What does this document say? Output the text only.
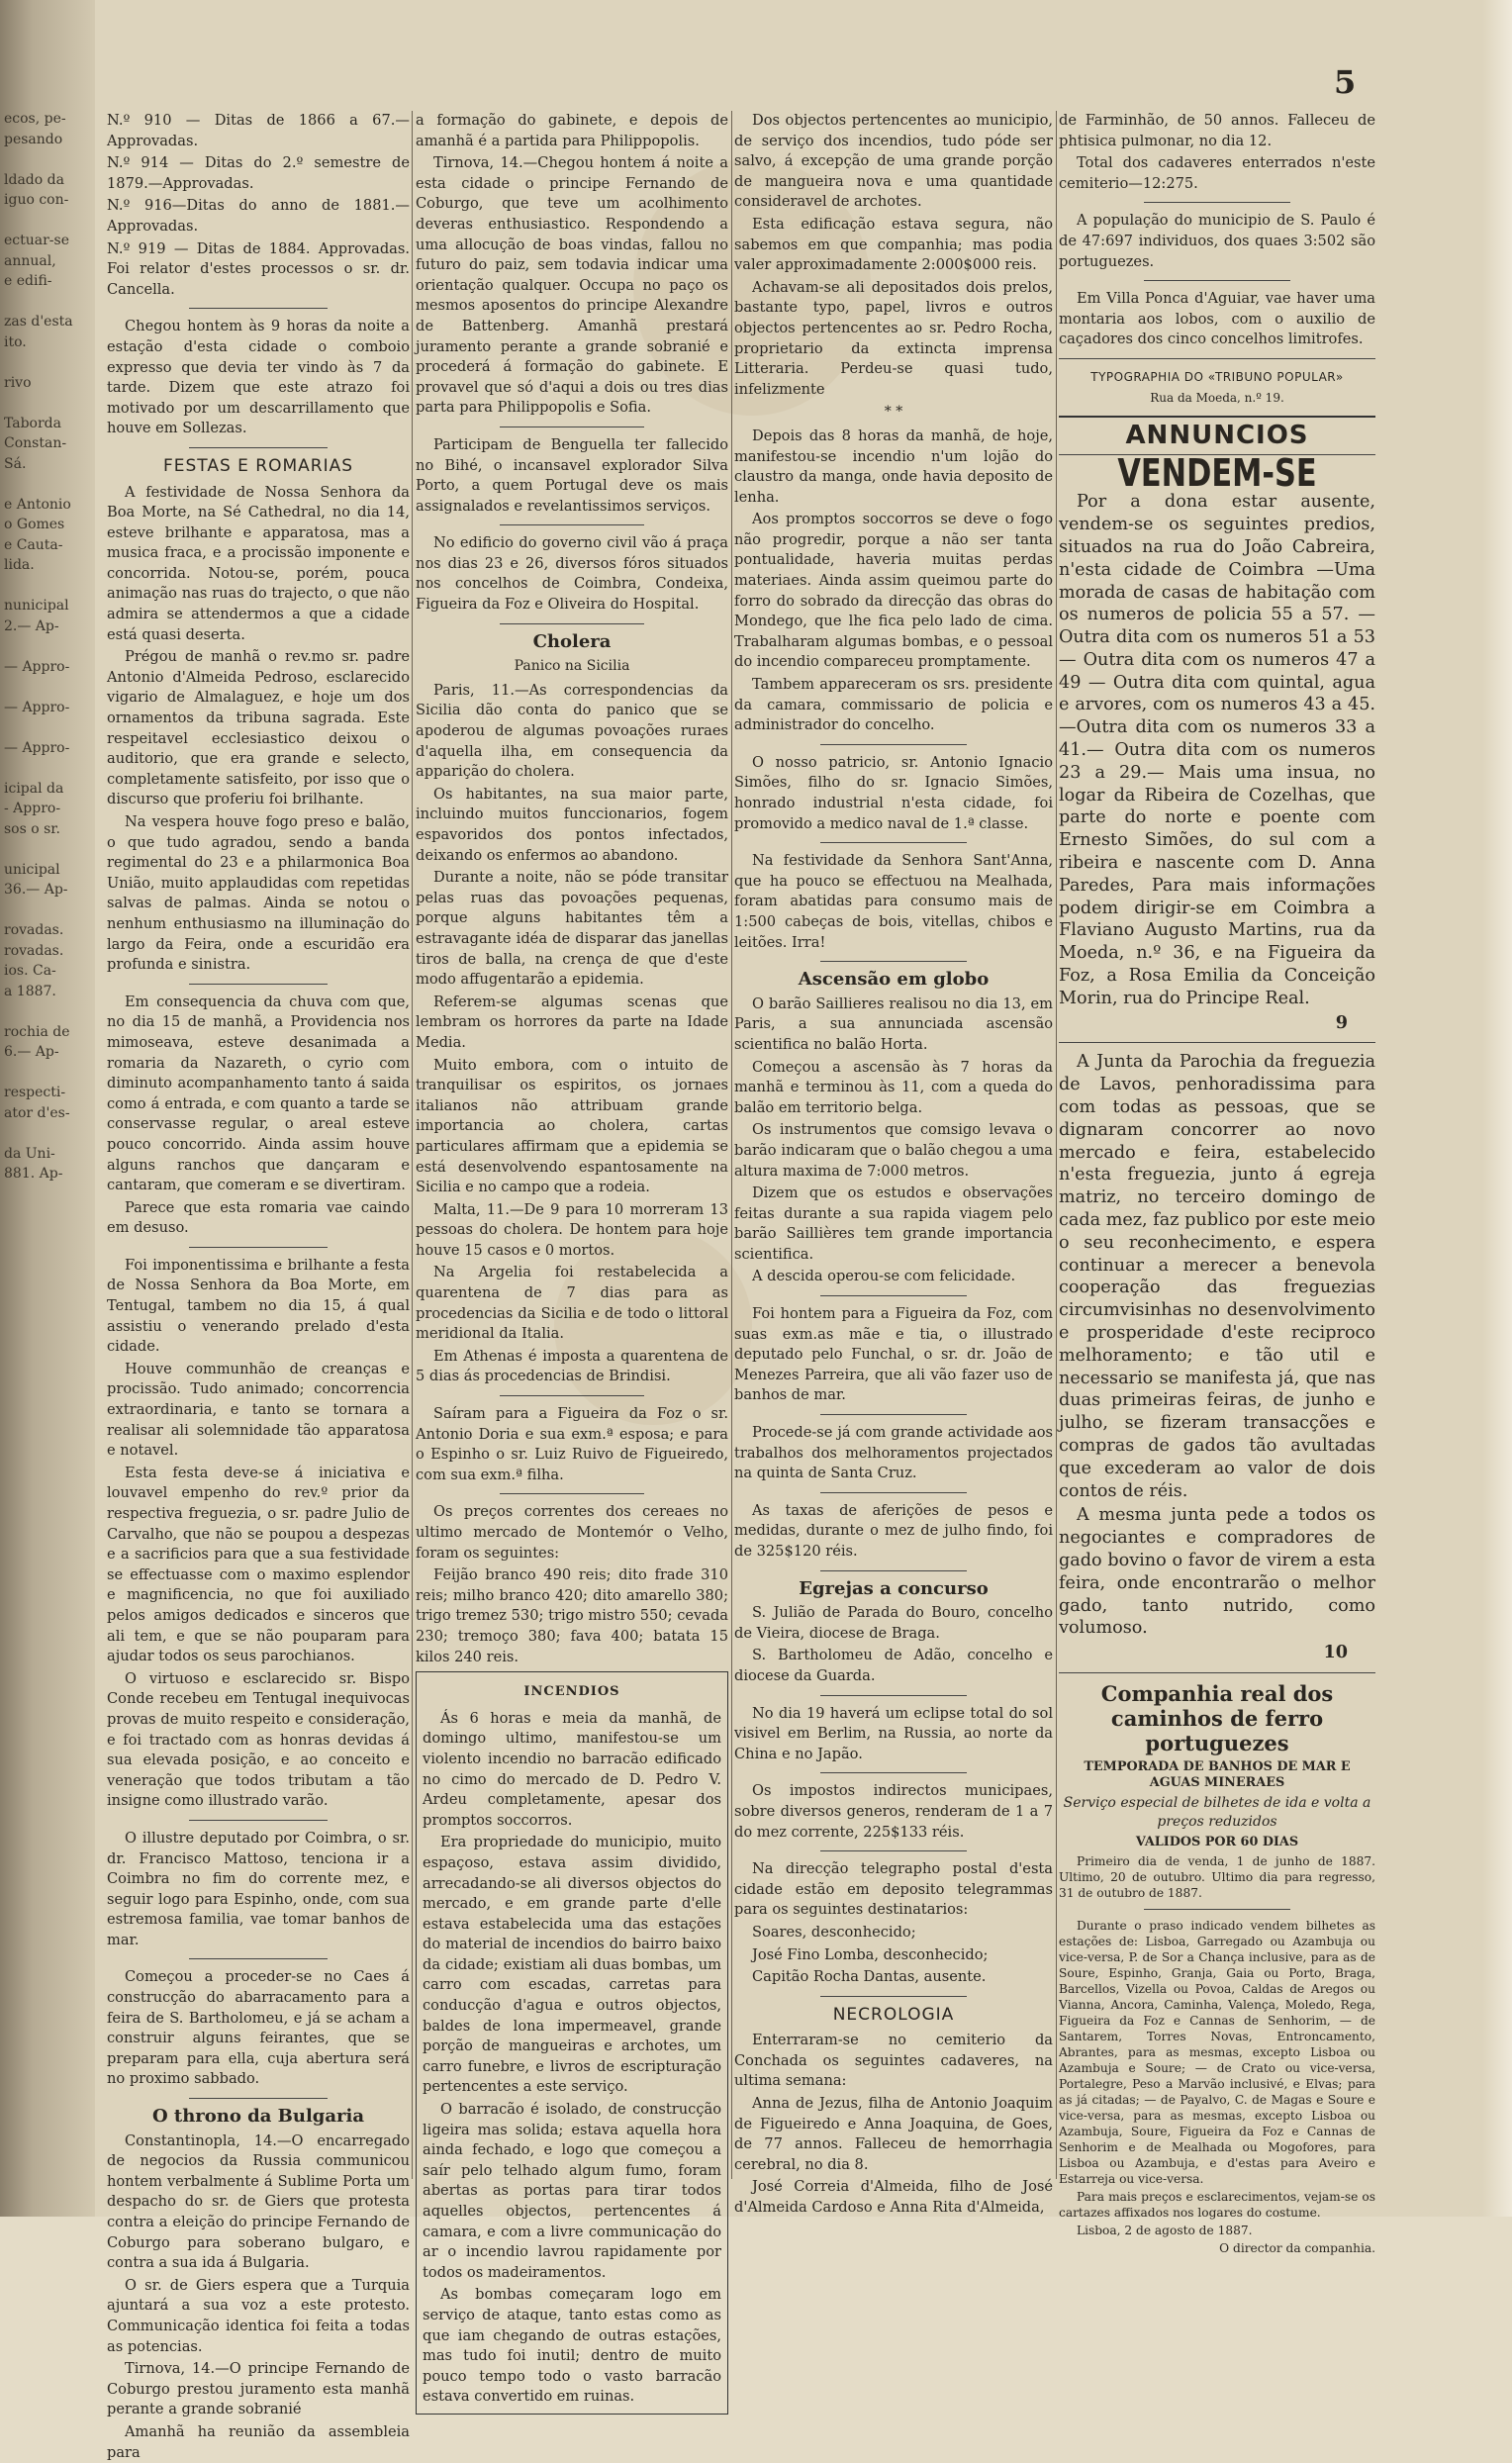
ecos, pe-
pesando

ldado da
iguo con-

ectuar-se
annual,
e edifi-

zas d'esta
ito.

rivo

Taborda
Constan-
Sá.

e Antonio
o Gomes
e Cauta-
lida.

nunicipal
2.— Ap-

— Appro-

— Appro-

— Appro-

icipal da
- Appro-
sos o sr.

unicipal
36.— Ap-

rovadas.
rovadas.
ios. Ca-
a 1887.

rochia de
6.— Ap-

respecti-
ator d'es-

da Uni-
881. Ap-
5

N.º 910 — Ditas de 1866 a 67.—Approvadas.

N.º 914 — Ditas do 2.º semestre de 1879.—Approvadas.

N.º 916—Ditas do anno de 1881.— Approvadas.

N.º 919 — Ditas de 1884. Approvadas. Foi relator d'estes processos o sr. dr. Cancella.

Chegou hontem às 9 horas da noite a estação d'esta cidade o comboio expresso que devia ter vindo às 7 da tarde. Dizem que este atrazo foi motivado por um descarrillamento que houve em Sollezas.

FESTAS E ROMARIAS

A festividade de Nossa Senhora da Boa Morte, na Sé Cathedral, no dia 14, esteve brilhante e apparatosa, mas a musica fraca, e a procissão imponente e concorrida. Notou-se, porém, pouca animação nas ruas do trajecto, o que não admira se attendermos a que a cidade está quasi deserta.

Prégou de manhã o rev.mo sr. padre Antonio d'Almeida Pedroso, esclarecido vigario de Almalaguez, e hoje um dos ornamentos da tribuna sagrada. Este respeitavel ecclesiastico deixou o auditorio, que era grande e selecto, completamente satisfeito, por isso que o discurso que proferiu foi brilhante.

Na vespera houve fogo preso e balão, o que tudo agradou, sendo a banda regimental do 23 e a philarmonica Boa União, muito applaudidas com repetidas salvas de palmas. Ainda se notou o nenhum enthusiasmo na illuminação do largo da Feira, onde a escuridão era profunda e sinistra.

Em consequencia da chuva com que, no dia 15 de manhã, a Providencia nos mimoseava, esteve desanimada a romaria da Nazareth, o cyrio com diminuto acompanhamento tanto á saida como á entrada, e com quanto a tarde se conservasse regular, o areal esteve pouco concorrido. Ainda assim houve alguns ranchos que dançaram e cantaram, que comeram e se divertiram.

Parece que esta romaria vae caindo em desuso.

Foi imponentissima e brilhante a festa de Nossa Senhora da Boa Morte, em Tentugal, tambem no dia 15, á qual assistiu o venerando prelado d'esta cidade.

Houve communhão de creanças e procissão. Tudo animado; concorrencia extraordinaria, e tanto se tornara a realisar ali solemnidade tão apparatosa e notavel.

Esta festa deve-se á iniciativa e louvavel empenho do rev.º prior da respectiva freguezia, o sr. padre Julio de Carvalho, que não se poupou a despezas e a sacrificios para que a sua festividade se effectuasse com o maximo esplendor e magnificencia, no que foi auxiliado pelos amigos dedicados e sinceros que ali tem, e que se não pouparam para ajudar todos os seus parochianos.

O virtuoso e esclarecido sr. Bispo Conde recebeu em Tentugal inequivocas provas de muito respeito e consideração, e foi tractado com as honras devidas á sua elevada posição, e ao conceito e veneração que todos tributam a tão insigne como illustrado varão.

O illustre deputado por Coimbra, o sr. dr. Francisco Mattoso, tenciona ir a Coimbra no fim do corrente mez, e seguir logo para Espinho, onde, com sua estremosa familia, vae tomar banhos de mar.

Começou a proceder-se no Caes á construcção do abarracamento para a feira de S. Bartholomeu, e já se acham a construir alguns feirantes, que se preparam para ella, cuja abertura será no proximo sabbado.

O throno da Bulgaria

Constantinopla, 14.—O encarregado de negocios da Russia communicou hontem verbalmente á Sublime Porta um despacho do sr. de Giers que protesta contra a eleição do principe Fernando de Coburgo para soberano bulgaro, e contra a sua ida á Bulgaria.

O sr. de Giers espera que a Turquia ajuntará a sua voz a este protesto. Communicação identica foi feita a todas as potencias.

Tirnova, 14.—O principe Fernando de Coburgo prestou juramento esta manhã perante a grande sobranié

Amanhã ha reunião da assembleia para

a formação do gabinete, e depois de amanhã é a partida para Philippopolis.

Tirnova, 14.—Chegou hontem á noite a esta cidade o principe Fernando de Coburgo, que teve um acolhimento deveras enthusiastico. Respondendo a uma allocução de boas vindas, fallou no futuro do paiz, sem todavia indicar uma orientação qualquer. Occupa no paço os mesmos aposentos do principe Alexandre de Battenberg. Amanhã prestará juramento perante a grande sobranié e procederá á formação do gabinete. E provavel que só d'aqui a dois ou tres dias parta para Philippopolis e Sofia.

Participam de Benguella ter fallecido no Bihé, o incansavel explorador Silva Porto, a quem Portugal deve os mais assignalados e revelantissimos serviços.

No edificio do governo civil vão á praça nos dias 23 e 26, diversos fóros situados nos concelhos de Coimbra, Condeixa, Figueira da Foz e Oliveira do Hospital.

Cholera
Panico na Sicilia

Paris, 11.—As correspondencias da Sicilia dão conta do panico que se apoderou de algumas povoações ruraes d'aquella ilha, em consequencia da apparição do cholera.

Os habitantes, na sua maior parte, incluindo muitos funccionarios, fogem espavoridos dos pontos infectados, deixando os enfermos ao abandono.

Durante a noite, não se póde transitar pelas ruas das povoações pequenas, porque alguns habitantes têm a estravagante idéa de disparar das janellas tiros de balla, na crença de que d'este modo affugentarão a epidemia.

Referem-se algumas scenas que lembram os horrores da parte na Idade Media.

Muito embora, com o intuito de tranquilisar os espiritos, os jornaes italianos não attribuam grande importancia ao cholera, cartas particulares affirmam que a epidemia se está desenvolvendo espantosamente na Sicilia e no campo que a rodeia.

Malta, 11.—De 9 para 10 morreram 13 pessoas do cholera. De hontem para hoje houve 15 casos e 0 mortos.

Na Argelia foi restabelecida a quarentena de 7 dias para as procedencias da Sicilia e de todo o littoral meridional da Italia.

Em Athenas é imposta a quarentena de 5 dias ás procedencias de Brindisi.

Saíram para a Figueira da Foz o sr. Antonio Doria e sua exm.ª esposa; e para o Espinho o sr. Luiz Ruivo de Figueiredo, com sua exm.ª filha.

Os preços correntes dos cereaes no ultimo mercado de Montemór o Velho, foram os seguintes:

Feijão branco 490 reis; dito frade 310 reis; milho branco 420; dito amarello 380; trigo tremez 530; trigo mistro 550; cevada 230; tremoço 380; fava 400; batata 15 kilos 240 reis.

INCENDIOS

Ás 6 horas e meia da manhã, de domingo ultimo, manifestou-se um violento incendio no barracão edificado no cimo do mercado de D. Pedro V. Ardeu completamente, apesar dos promptos soccorros.

Era propriedade do municipio, muito espaçoso, estava assim dividido, arrecadando-se ali diversos objectos do mercado, e em grande parte d'elle estava estabelecida uma das estações do material de incendios do bairro baixo da cidade; existiam ali duas bombas, um carro com escadas, carretas para conducção d'agua e outros objectos, baldes de lona impermeavel, grande porção de mangueiras e archotes, um carro funebre, e livros de escripturação pertencentes a este serviço.

O barracão é isolado, de construcção ligeira mas solida; estava aquella hora ainda fechado, e logo que começou a saír pelo telhado algum fumo, foram abertas as portas para tirar todos aquelles objectos, pertencentes á camara, e com a livre communicação do ar o incendio lavrou rapidamente por todos os madeiramentos.

As bombas começaram logo em serviço de ataque, tanto estas como as que iam chegando de outras estações, mas tudo foi inutil; dentro de muito pouco tempo todo o vasto barracão estava convertido em ruinas.

Dos objectos pertencentes ao municipio, de serviço dos incendios, tudo póde ser salvo, á excepção de uma grande porção de mangueira nova e uma quantidade consideravel de archotes.

Esta edificação estava segura, não sabemos em que companhia; mas podia valer approximadamente 2:000$000 reis.

Achavam-se ali depositados dois prelos, bastante typo, papel, livros e outros objectos pertencentes ao sr. Pedro Rocha, proprietario da extincta imprensa Litteraria. Perdeu-se quasi tudo, infelizmente

* *

Depois das 8 horas da manhã, de hoje, manifestou-se incendio n'um lojão do claustro da manga, onde havia deposito de lenha.

Aos promptos soccorros se deve o fogo não progredir, porque a não ser tanta pontualidade, haveria muitas perdas materiaes. Ainda assim queimou parte do forro do sobrado da direcção das obras do Mondego, que lhe fica pelo lado de cima. Trabalharam algumas bombas, e o pessoal do incendio compareceu promptamente.

Tambem appareceram os srs. presidente da camara, commissario de policia e administrador do concelho.

O nosso patricio, sr. Antonio Ignacio Simões, filho do sr. Ignacio Simões, honrado industrial n'esta cidade, foi promovido a medico naval de 1.ª classe.

Na festividade da Senhora Sant'Anna, que ha pouco se effectuou na Mealhada, foram abatidas para consumo mais de 1:500 cabeças de bois, vitellas, chibos e leitões. Irra!

Ascensão em globo

O barão Saillieres realisou no dia 13, em Paris, a sua annunciada ascensão scientifica no balão Horta.

Começou a ascensão às 7 horas da manhã e terminou às 11, com a queda do balão em territorio belga.

Os instrumentos que comsigo levava o barão indicaram que o balão chegou a uma altura maxima de 7:000 metros.

Dizem que os estudos e observações feitas durante a sua rapida viagem pelo barão Saillières tem grande importancia scientifica.

A descida operou-se com felicidade.

Foi hontem para a Figueira da Foz, com suas exm.as mãe e tia, o illustrado deputado pelo Funchal, o sr. dr. João de Menezes Parreira, que ali vão fazer uso de banhos de mar.

Procede-se já com grande actividade aos trabalhos dos melhoramentos projectados na quinta de Santa Cruz.

As taxas de aferições de pesos e medidas, durante o mez de julho findo, foi de 325$120 réis.

Egrejas a concurso

S. Julião de Parada do Bouro, concelho de Vieira, diocese de Braga.

S. Bartholomeu de Adão, concelho e diocese da Guarda.

No dia 19 haverá um eclipse total do sol visivel em Berlim, na Russia, ao norte da China e no Japão.

Os impostos indirectos municipaes, sobre diversos generos, renderam de 1 a 7 do mez corrente, 225$133 réis.

Na direcção telegrapho postal d'esta cidade estão em deposito telegrammas para os seguintes destinatarios:

Soares, desconhecido;

José Fino Lomba, desconhecido;

Capitão Rocha Dantas, ausente.

NECROLOGIA

Enterraram-se no cemiterio da Conchada os seguintes cadaveres, na ultima semana:

Anna de Jezus, filha de Antonio Joaquim de Figueiredo e Anna Joaquina, de Goes, de 77 annos. Falleceu de hemorrhagia cerebral, no dia 8.

José Correia d'Almeida, filho de José d'Almeida Cardoso e Anna Rita d'Almeida,

de Farminhão, de 50 annos. Falleceu de phtisica pulmonar, no dia 12.

Total dos cadaveres enterrados n'este cemiterio—12:275.

A população do municipio de S. Paulo é de 47:697 individuos, dos quaes 3:502 são portuguezes.

Em Villa Ponca d'Aguiar, vae haver uma montaria aos lobos, com o auxilio de caçadores dos cinco concelhos limitrofes.

TYPOGRAPHIA DO «TRIBUNO POPULAR»
Rua da Moeda, n.º 19.
ANNUNCIOS
VENDEM-SE

Por a dona estar ausente, vendem-se os seguintes predios, situados na rua do João Cabreira, n'esta cidade de Coimbra —Uma morada de casas de habitação com os numeros de policia 55 a 57. — Outra dita com os numeros 51 a 53 — Outra dita com os numeros 47 a 49 — Outra dita com quintal, agua e arvores, com os numeros 43 a 45.—Outra dita com os numeros 33 a 41.— Outra dita com os numeros 23 a 29.— Mais uma insua, no logar da Ribeira de Cozelhas, que parte do norte e poente com Ernesto Simões, do sul com a ribeira e nascente com D. Anna Paredes, Para mais informações podem dirigir-se em Coimbra a Flaviano Augusto Martins, rua da Moeda, n.º 36, e na Figueira da Foz, a Rosa Emilia da Conceição Morin, rua do Principe Real.

9

A Junta da Parochia da freguezia de Lavos, penhoradissima para com todas as pessoas, que se dignaram concorrer ao novo mercado e feira, estabelecido n'esta freguezia, junto á egreja matriz, no terceiro domingo de cada mez, faz publico por este meio o seu reconhecimento, e espera continuar a merecer a benevola cooperação das freguezias circumvisinhas no desenvolvimento e prosperidade d'este reciproco melhoramento; e tão util e necessario se manifesta já, que nas duas primeiras feiras, de junho e julho, se fizeram transacções e compras de gados tão avultadas que excederam ao valor de dois contos de réis.

A mesma junta pede a todos os negociantes e compradores de gado bovino o favor de virem a esta feira, onde encontrarão o melhor gado, tanto nutrido, como volumoso.

10
Companhia real dos caminhos de ferro portuguezes
TEMPORADA DE BANHOS DE MAR E AGUAS MINERAES
Serviço especial de bilhetes de ida e volta a preços reduzidos
VALIDOS POR 60 DIAS

Primeiro dia de venda, 1 de junho de 1887. Ultimo, 20 de outubro. Ultimo dia para regresso, 31 de outubro de 1887.

Durante o praso indicado vendem bilhetes as estações de: Lisboa, Garregado ou Azambuja ou vice-versa, P. de Sor a Chança inclusive, para as de Soure, Espinho, Granja, Gaia ou Porto, Braga, Barcellos, Vizella ou Povoa, Caldas de Aregos ou Vianna, Ancora, Caminha, Valença, Moledo, Rega, Figueira da Foz e Cannas de Senhorim, — de Santarem, Torres Novas, Entroncamento, Abrantes, para as mesmas, excepto Lisboa ou Azambuja e Soure; — de Crato ou vice-versa, Portalegre, Peso a Marvão inclusivé, e Elvas; para as já citadas; — de Payalvo, C. de Magas e Soure e vice-versa, para as mesmas, excepto Lisboa ou Azambuja, Soure, Figueira da Foz e Cannas de Senhorim e de Mealhada ou Mogofores, para Lisboa ou Azambuja, e d'estas para Aveiro e Estarreja ou vice-versa.

Para mais preços e esclarecimentos, vejam-se os cartazes affixados nos logares do costume.

Lisboa, 2 de agosto de 1887.

O director da companhia.
